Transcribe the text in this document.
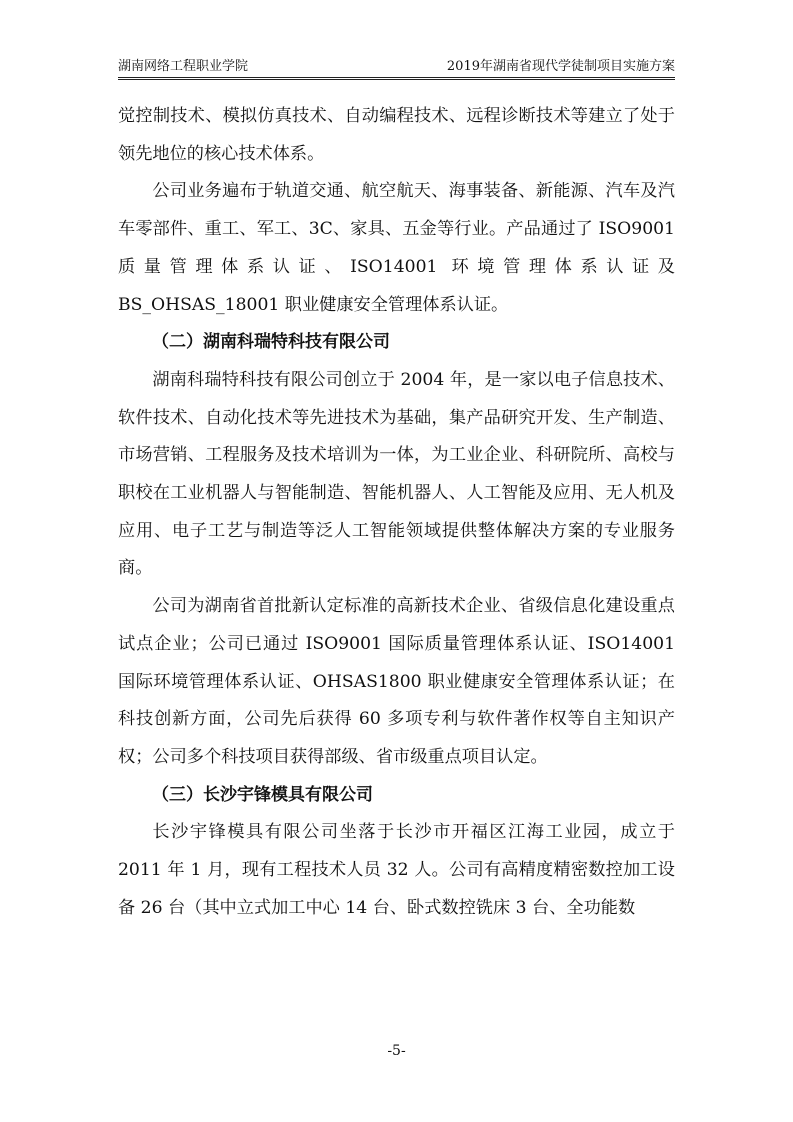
湖南网络工程职业学院	2019年湖南省现代学徒制项目实施方案

觉控制技术、模拟仿真技术、自动编程技术、远程诊断技术等建立了处于领先地位的核心技术体系。

公司业务遍布于轨道交通、航空航天、海事装备、新能源、汽车及汽车零部件、重工、军工、3C、家具、五金等行业。产品通过了 ISO9001 质量管理体系认证、ISO14001 环境管理体系认证及 BS_OHSAS_18001 职业健康安全管理体系认证。

（二）湖南科瑞特科技有限公司

湖南科瑞特科技有限公司创立于 2004 年，是一家以电子信息技术、软件技术、自动化技术等先进技术为基础，集产品研究开发、生产制造、市场营销、工程服务及技术培训为一体，为工业企业、科研院所、高校与职校在工业机器人与智能制造、智能机器人、人工智能及应用、无人机及应用、电子工艺与制造等泛人工智能领域提供整体解决方案的专业服务商。

公司为湖南省首批新认定标准的高新技术企业、省级信息化建设重点试点企业；公司已通过 ISO9001 国际质量管理体系认证、ISO14001 国际环境管理体系认证、OHSAS1800 职业健康安全管理体系认证；在科技创新方面，公司先后获得 60 多项专利与软件著作权等自主知识产权；公司多个科技项目获得部级、省市级重点项目认定。

（三）长沙宇锋模具有限公司

长沙宇锋模具有限公司坐落于长沙市开福区江海工业园，成立于 2011 年 1 月，现有工程技术人员 32 人。公司有高精度精密数控加工设备 26 台（其中立式加工中心 14 台、卧式数控铣床 3 台、全功能数

-5-
